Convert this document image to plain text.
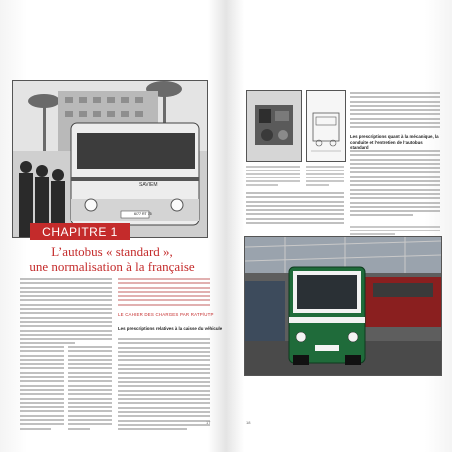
SAVIEM
6/77 RT 75
CHAPITRE 1
L’autobus « standard »,
une normalisation à la française
LE CAHIER DES CHARGES PAR RATP/UTP
Les prescriptions relatives à la caisse du véhicule
17
Les prescriptions quant à la mécanique, la conduite et l’entretien de l’autobus standard
18
